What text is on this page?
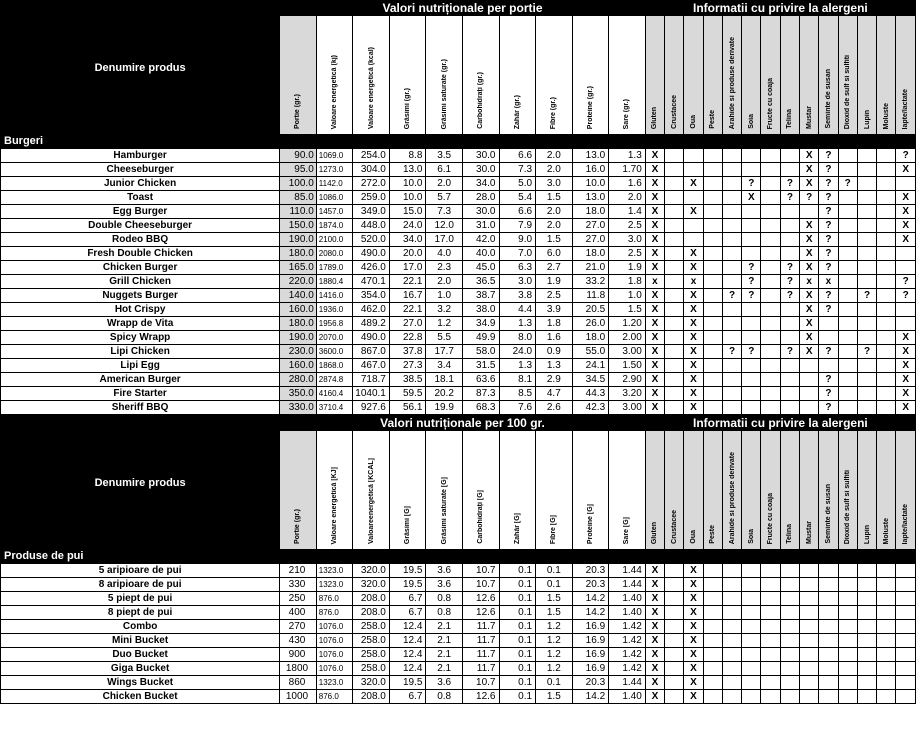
Denumire produs	Valori nutriționale per portie										Informatii cu privire la alergeni													
	Portie (gr.)	Valoare energetică (kj)	Valoare energetică (kcal)	Grăsimi (gr.)	Grăsimi saturate (gr.)	Carbohidrați (gr.)	Zahăr (gr.)	Fibre (gr.)	Proteine (gr.)	Sare (gr.)	Gluten	Crustacee	Oua	Peste	Arahide si produse derivate	Soia	Fructe cu coaja	Telina	Mustar	Seminte de susan	Dioxid de sulf si sulfiti	Lupin	Moluste	lapte/lactate
Burgeri																								
Hamburger	90.0	1069.0	254.0	8.8	3.5	30.0	6.6	2.0	13.0	1.3	X								X	?				?
Cheeseburger	95.0	1273.0	304.0	13.0	6.1	30.0	7.3	2.0	16.0	1.70	X								X	?				X
Junior Chicken	100.0	1142.0	272.0	10.0	2.0	34.0	5.0	3.0	10.0	1.6	X		X			?		?	X	?	?			
Toast	85.0	1086.0	259.0	10.0	5.7	28.0	5.4	1.5	13.0	2.0	X					X		?	?	?				X
Egg Burger	110.0	1457.0	349.0	15.0	7.3	30.0	6.6	2.0	18.0	1.4	X		X							?				X
Double Cheeseburger	150.0	1874.0	448.0	24.0	12.0	31.0	7.9	2.0	27.0	2.5	X								X	?				X
Rodeo BBQ	190.0	2100.0	520.0	34.0	17.0	42.0	9.0	1.5	27.0	3.0	X								X	?				X
Fresh Double Chicken	180.0	2080.0	490.0	20.0	4.0	40.0	7.0	6.0	18.0	2.5	X		X						X	?				
Chicken Burger	165.0	1789.0	426.0	17.0	2.3	45.0	6.3	2.7	21.0	1.9	X		X			?		?	X	?				
Grill Chicken	220.0	1880.4	470.1	22.1	2.0	36.5	3.0	1.9	33.2	1.8	x		x			?		?	x	x				?
Nuggets Burger	140.0	1416.0	354.0	16.7	1.0	38.7	3.8	2.5	11.8	1.0	X		X		?	?		?	X	?		?		?
Hot Crispy	160.0	1936.0	462.0	22.1	3.2	38.0	4.4	3.9	20.5	1.5	X		X						X	?				
Wrapp de Vita	180.0	1956.8	489.2	27.0	1.2	34.9	1.3	1.8	26.0	1.20	X		X						X					
Spicy Wrapp	190.0	2070.0	490.0	22.8	5.5	49.9	8.0	1.6	18.0	2.00	X		X						X					X
Lipi Chicken	230.0	3600.0	867.0	37.8	17.7	58.0	24.0	0.9	55.0	3.00	X		X		?	?		?	X	?		?		X
Lipi Egg	160.0	1868.0	467.0	27.3	3.4	31.5	1.3	1.3	24.1	1.50	X		X											X
American Burger	280.0	2874.8	718.7	38.5	18.1	63.6	8.1	2.9	34.5	2.90	X		X							?				X
Fire Starter	350.0	4160.4	1040.1	59.5	20.2	87.3	8.5	4.7	44.3	3.20	X		X							?				X
Sheriff BBQ	330.0	3710.4	927.6	56.1	19.9	68.3	7.6	2.6	42.3	3.00	X		X							?				X
Denumire produs	Valori nutriționale per 100 gr.										Informatii cu privire la alergeni													
	Portie (gr.)	Valoare energetică [KJ]	Valoareenergetică [KCAL]	Grăsimi [G]	Grăsimi saturate [G]	Carbohidrați [G]	Zahăr [G]	Fibre [G]	Proteine [G]	Sare [G]	Gluten	Crustacee	Oua	Peste	Arahide si produse derivate	Soia	Fructe cu coaja	Telina	Mustar	Seminte de susan	Dioxid de sulf si sulfiti	Lupin	Moluste	lapte/lactate
Produse de pui																								
5 aripioare de pui	210	1323.0	320.0	19.5	3.6	10.7	0.1	0.1	20.3	1.44	X		X											
8 aripioare de pui	330	1323.0	320.0	19.5	3.6	10.7	0.1	0.1	20.3	1.44	X		X											
5 piept de pui	250	876.0	208.0	6.7	0.8	12.6	0.1	1.5	14.2	1.40	X		X											
8 piept de pui	400	876.0	208.0	6.7	0.8	12.6	0.1	1.5	14.2	1.40	X		X											
Combo	270	1076.0	258.0	12.4	2.1	11.7	0.1	1.2	16.9	1.42	X		X											
Mini Bucket	430	1076.0	258.0	12.4	2.1	11.7	0.1	1.2	16.9	1.42	X		X											
Duo Bucket	900	1076.0	258.0	12.4	2.1	11.7	0.1	1.2	16.9	1.42	X		X											
Giga Bucket	1800	1076.0	258.0	12.4	2.1	11.7	0.1	1.2	16.9	1.42	X		X											
Wings Bucket	860	1323.0	320.0	19.5	3.6	10.7	0.1	0.1	20.3	1.44	X		X											
Chicken Bucket	1000	876.0	208.0	6.7	0.8	12.6	0.1	1.5	14.2	1.40	X		X											
